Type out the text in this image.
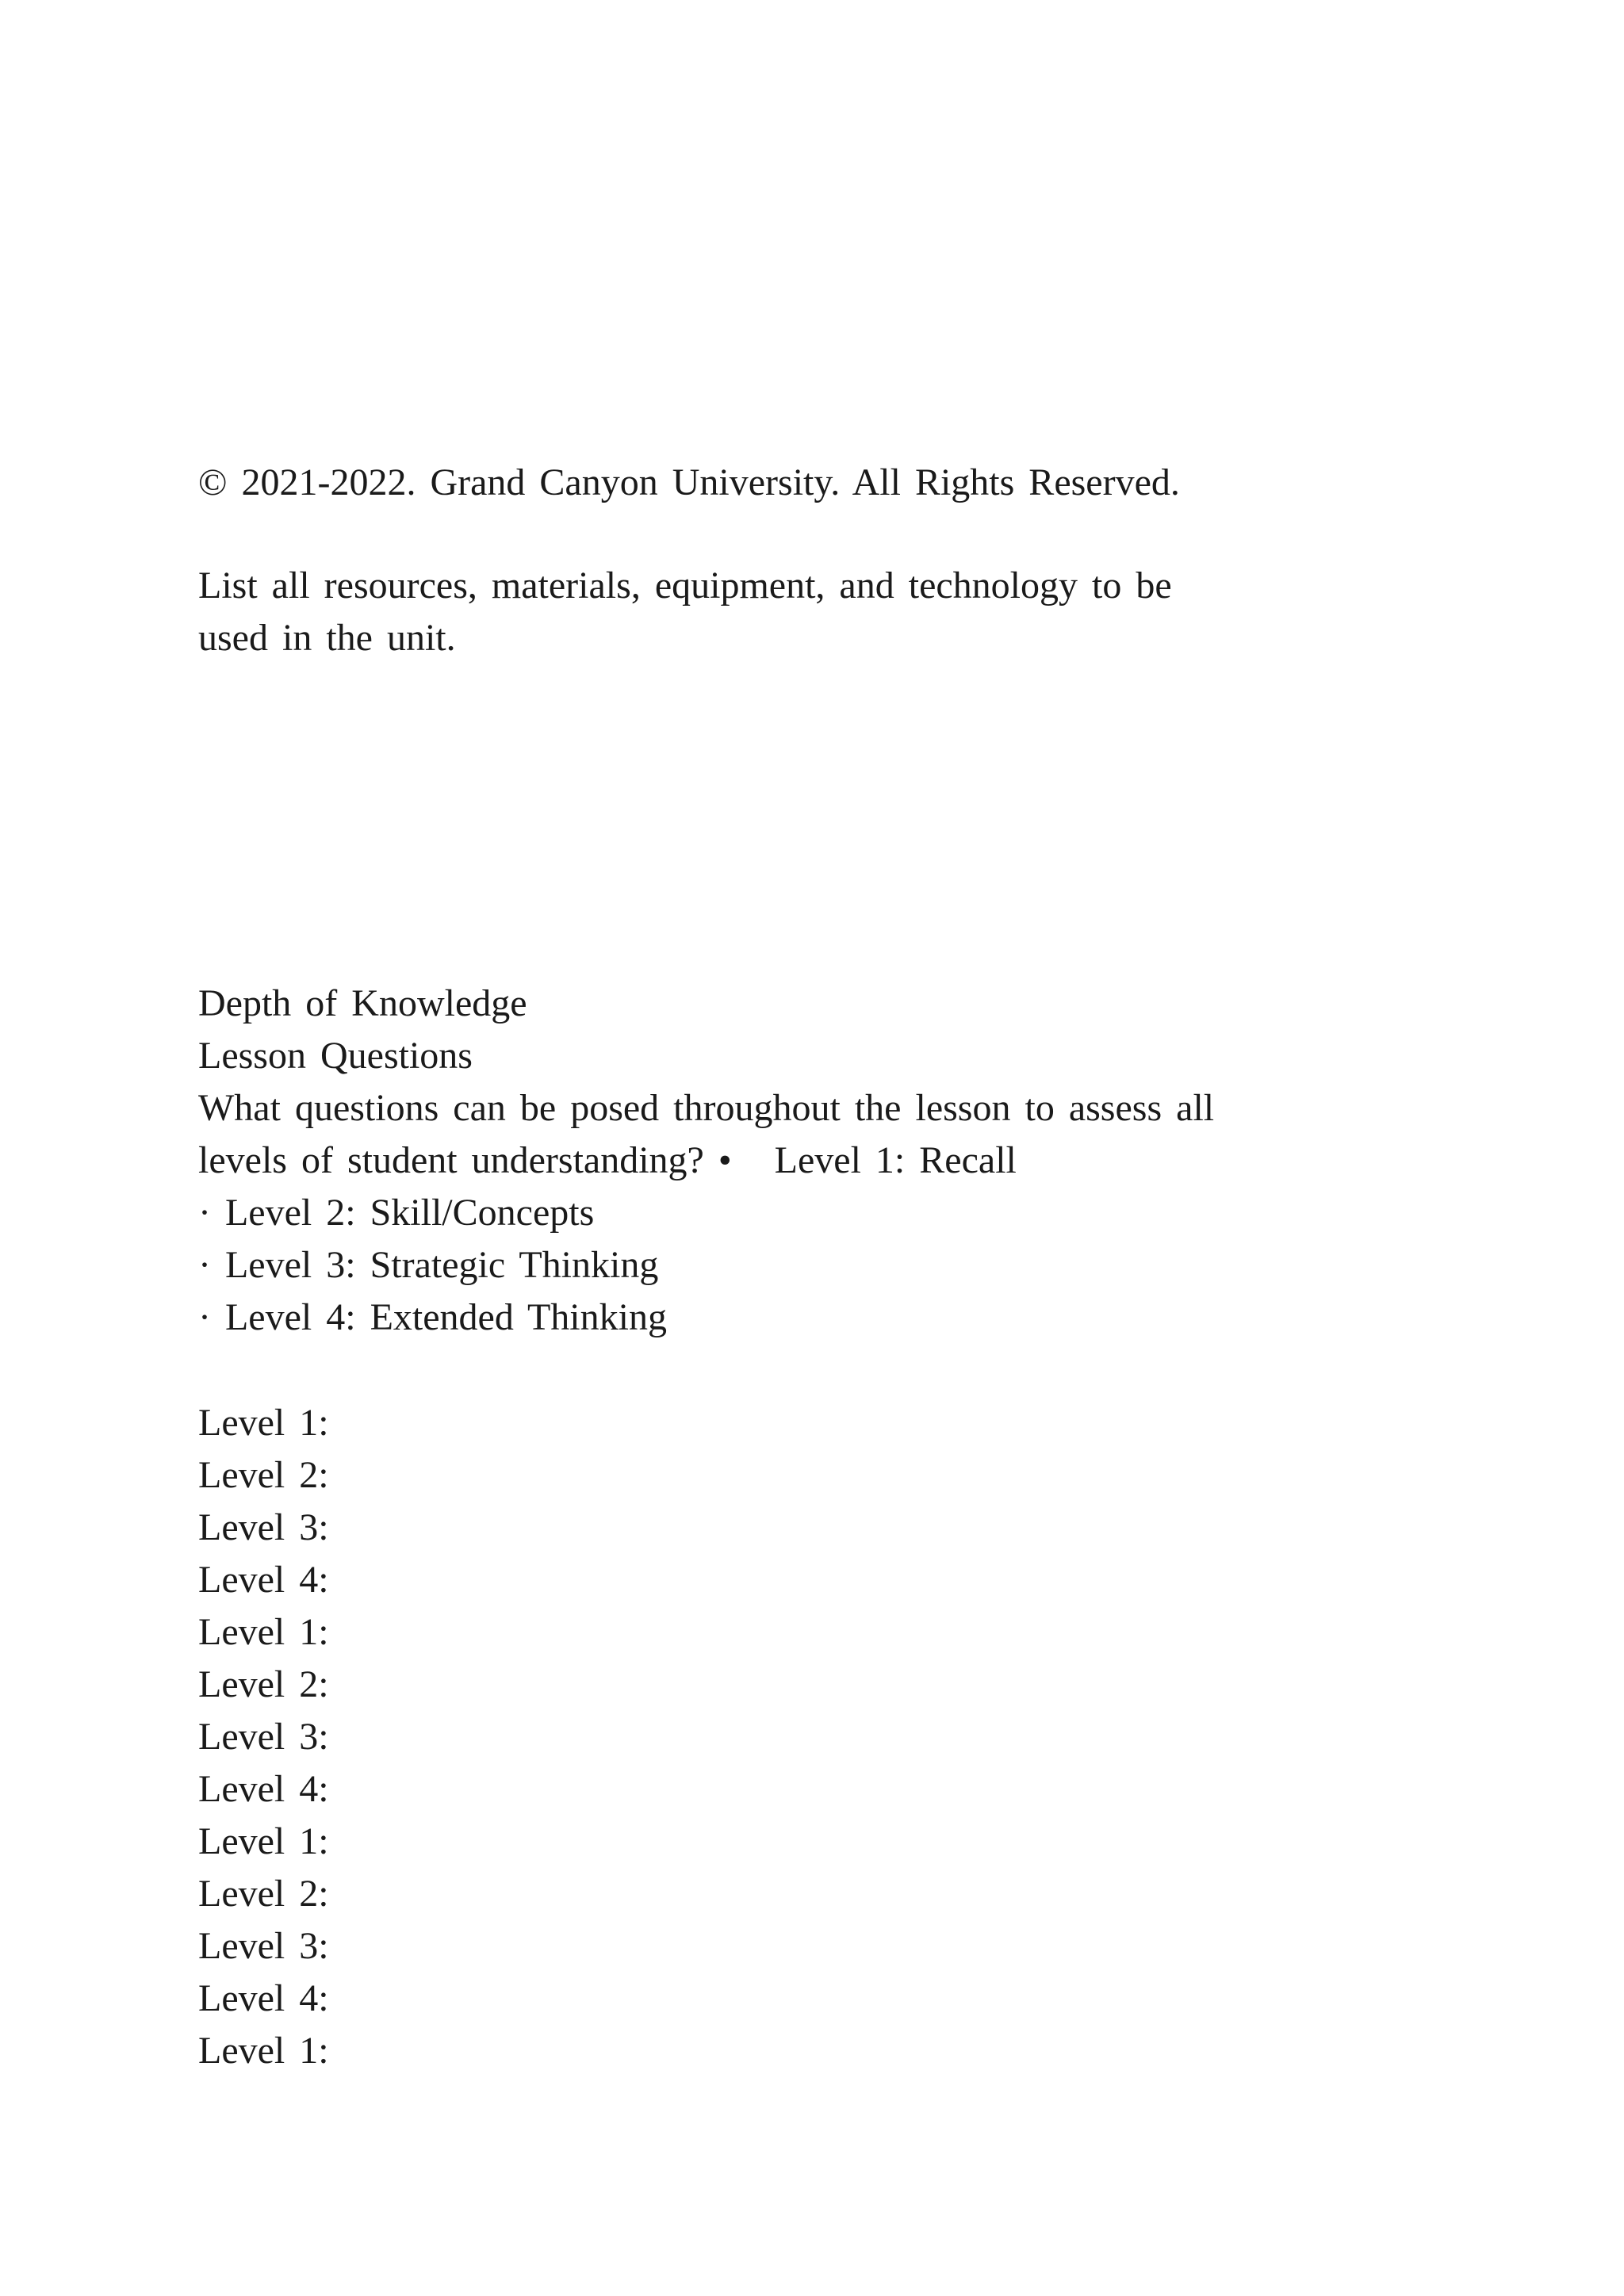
© 2021-2022. Grand Canyon University. All Rights Reserved.
List all resources, materials, equipment, and technology to be
used in the unit.
Depth of Knowledge
Lesson Questions
What questions can be posed throughout the lesson to assess all
levels of student understanding? •   Level 1: Recall
· Level 2: Skill/Concepts
· Level 3: Strategic Thinking
· Level 4: Extended Thinking
Level 1:
Level 2:
Level 3:
Level 4:
Level 1:
Level 2:
Level 3:
Level 4:
Level 1:
Level 2:
Level 3:
Level 4:
Level 1:
